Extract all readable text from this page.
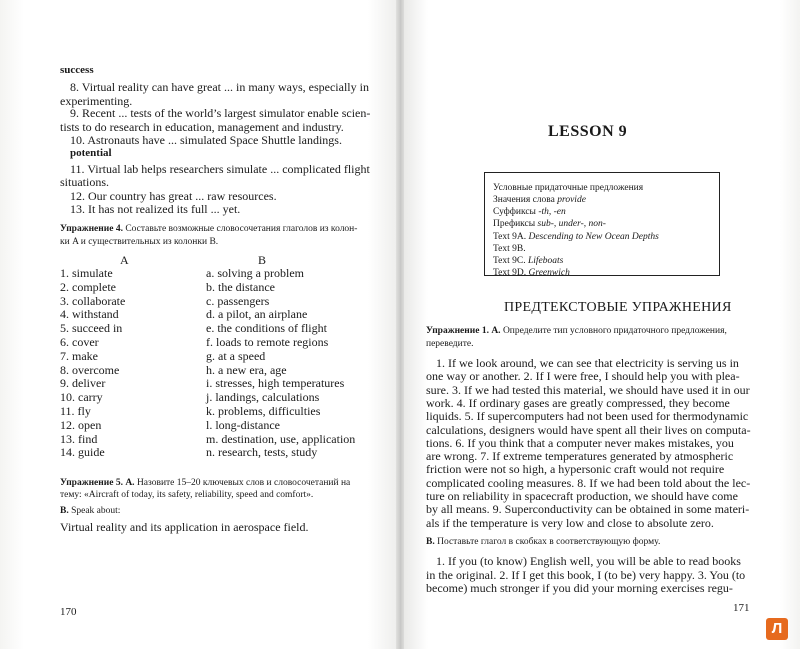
success
8. Virtual reality can have great ... in many ways, especially in
experimenting.
9. Recent ... tests of the world’s largest simulator enable scien-
tists to do research in education, management and industry.
10. Astronauts have ... simulated Space Shuttle landings.
potential
11. Virtual lab helps researchers simulate ... complicated flight
situations.
12. Our country has great ... raw resources.
13. It has not realized its full ... yet.
Упражнение 4. Составьте возможные словосочетания глаголов из колон-
ки A и существительных из колонки B.
A	B
1. simulate
2. complete
3. collaborate
4. withstand
5. succeed in
6. cover
7. make
8. overcome
9. deliver
10. carry
11. fly
12. open
13. find
14. guide
a. solving a problem
b. the distance
c. passengers
d. a pilot, an airplane
e. the conditions of flight
f. loads to remote regions
g. at a speed
h. a new era, age
i. stresses, high temperatures
j. landings, calculations
k. problems, difficulties
l. long-distance
m. destination, use, application
n. research, tests, study
Упражнение 5. A. Назовите 15–20 ключевых слов и словосочетаний на
тему: «Aircraft of today, its safety, reliability, speed and comfort».
B. Speak about:
Virtual reality and its application in aerospace field.
170
LESSON 9
Условные придаточные предложения
Значения слова provide
Суффиксы -th, -en
Префиксы sub-, under-, non-
Text 9A. Descending to New Ocean Depths
Text 9B.
Text 9C. Lifeboats
Text 9D. Greenwich
ПРЕДТЕКСТОВЫЕ УПРАЖНЕНИЯ
Упражнение 1. A. Определите тип условного придаточного предложения,
переведите.
1. If we look around, we can see that electricity is serving us in
one way or another. 2. If I were free, I should help you with plea-
sure. 3. If we had tested this material, we should have used it in our
work. 4. If ordinary gases are greatly compressed, they become
liquids. 5. If supercomputers had not been used for thermodynamic
calculations, designers would have spent all their lives on computa-
tions. 6. If you think that a computer never makes mistakes, you
are wrong. 7. If extreme temperatures generated by atmospheric
friction were not so high, a hypersonic craft would not require
complicated cooling measures. 8. If we had been told about the lec-
ture on reliability in spacecraft production, we should have come
by all means. 9. Superconductivity can be obtained in some materi-
als if the temperature is very low and close to absolute zero.
B. Поставьте глагол в скобках в соответствующую форму.
1. If you (to know) English well, you will be able to read books
in the original. 2. If I get this book, I (to be) very happy. 3. You (to
become) much stronger if you did your morning exercises regu-
171
Л
